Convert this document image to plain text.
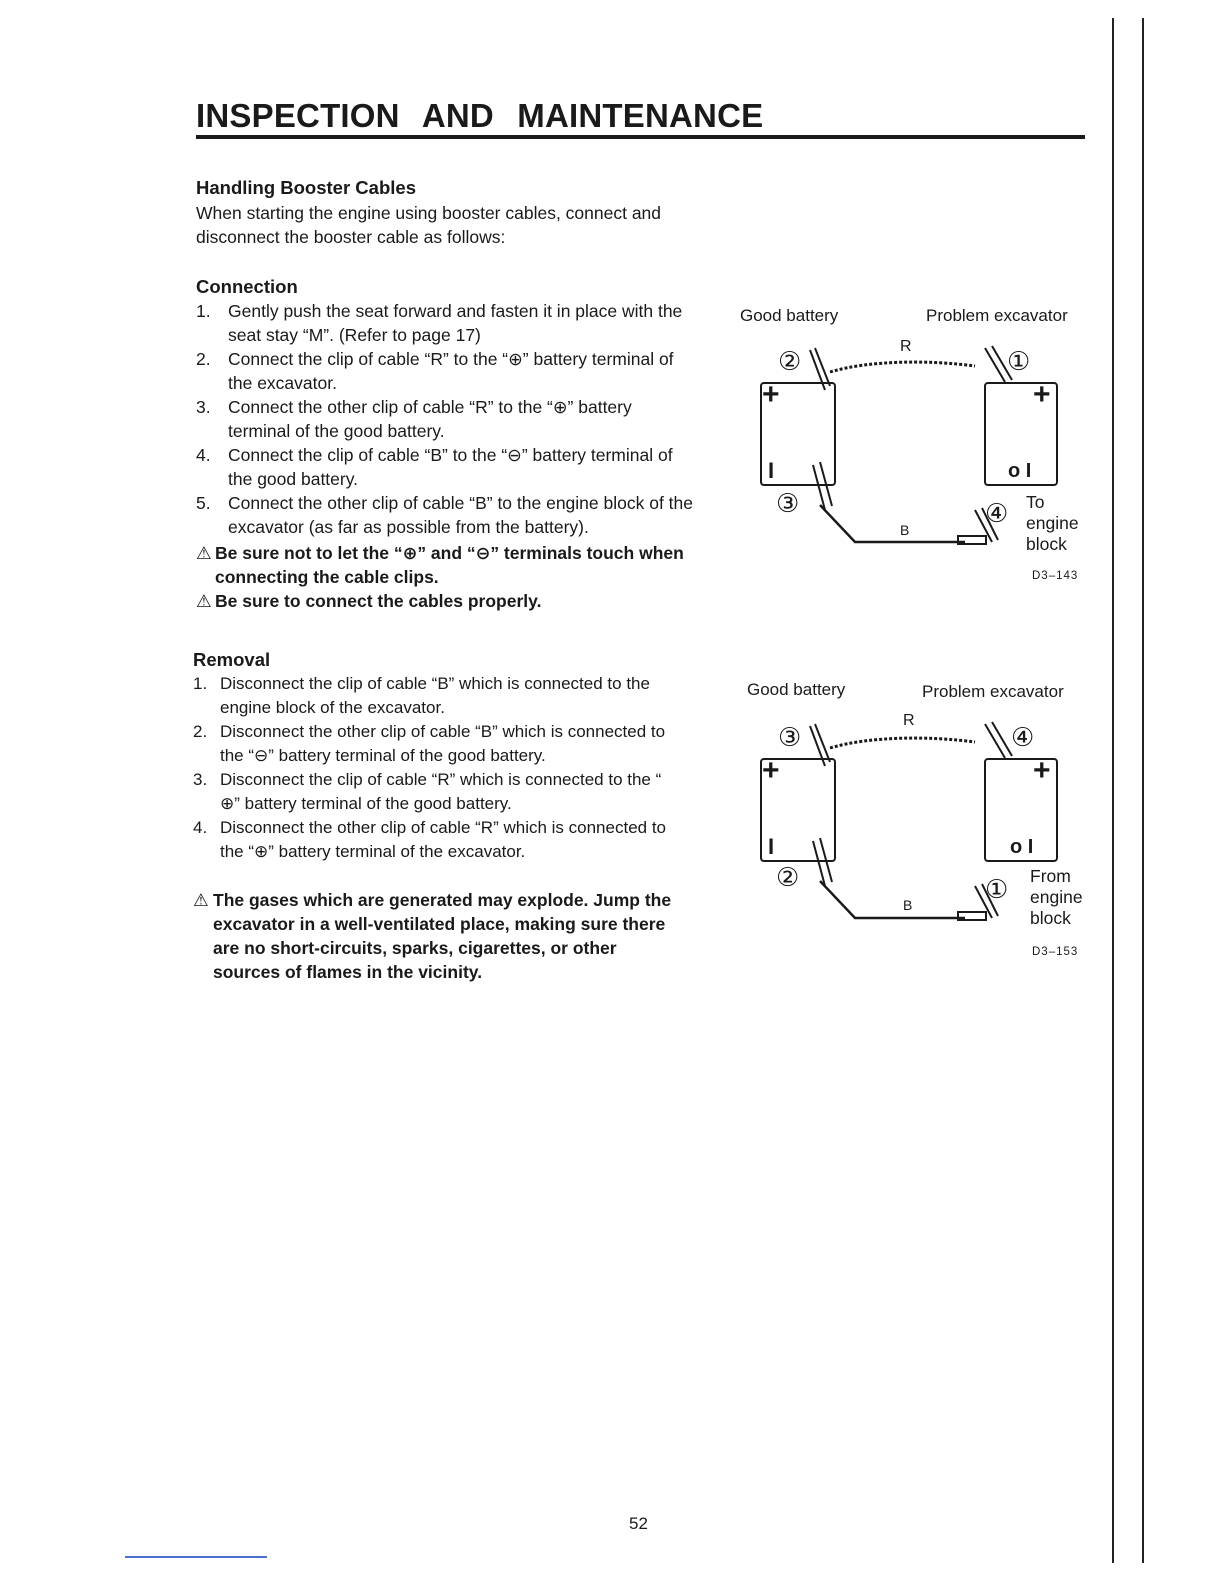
INSPECTION AND MAINTENANCE

Handling Booster Cables

When starting the engine using booster cables, connect and

disconnect the booster cable as follows:

Connection

1. Gently push the seat forward and fasten it in place with the
seat stay “M”. (Refer to page 17)
2. Connect the clip of cable “R” to the “⊕” battery terminal of
the excavator.
3. Connect the other clip of cable “R” to the “⊕” battery
terminal of the good battery.
4. Connect the clip of cable “B” to the “⊖” battery terminal of
the good battery.
5. Connect the other clip of cable “B” to the engine block of the
excavator (as far as possible from the battery).
⚠ Be sure not to let the “⊕” and “⊖” terminals touch when
connecting the cable clips.
⚠ Be sure to connect the cables properly.

Removal

1. Disconnect the clip of cable “B” which is connected to the
engine block of the excavator.
2. Disconnect the other clip of cable “B” which is connected to
the “⊖” battery terminal of the good battery.
3. Disconnect the clip of cable “R” which is connected to the “
⊕” battery terminal of the good battery.
4. Disconnect the other clip of cable “R” which is connected to
the “⊕” battery terminal of the excavator.
⚠ The gases which are generated may explode. Jump the
excavator in a well-ventilated place, making sure there
are no short-circuits, sparks, cigarettes, or other
sources of flames in the vicinity.
Good battery	Problem excavator
R
B
+	+
I	o I
②	①
③	④ To
engine
block
D3–143
Good battery	Problem excavator
R
B
+	+
I	o I
③	④
②	① From
engine
block
D3–153
52
